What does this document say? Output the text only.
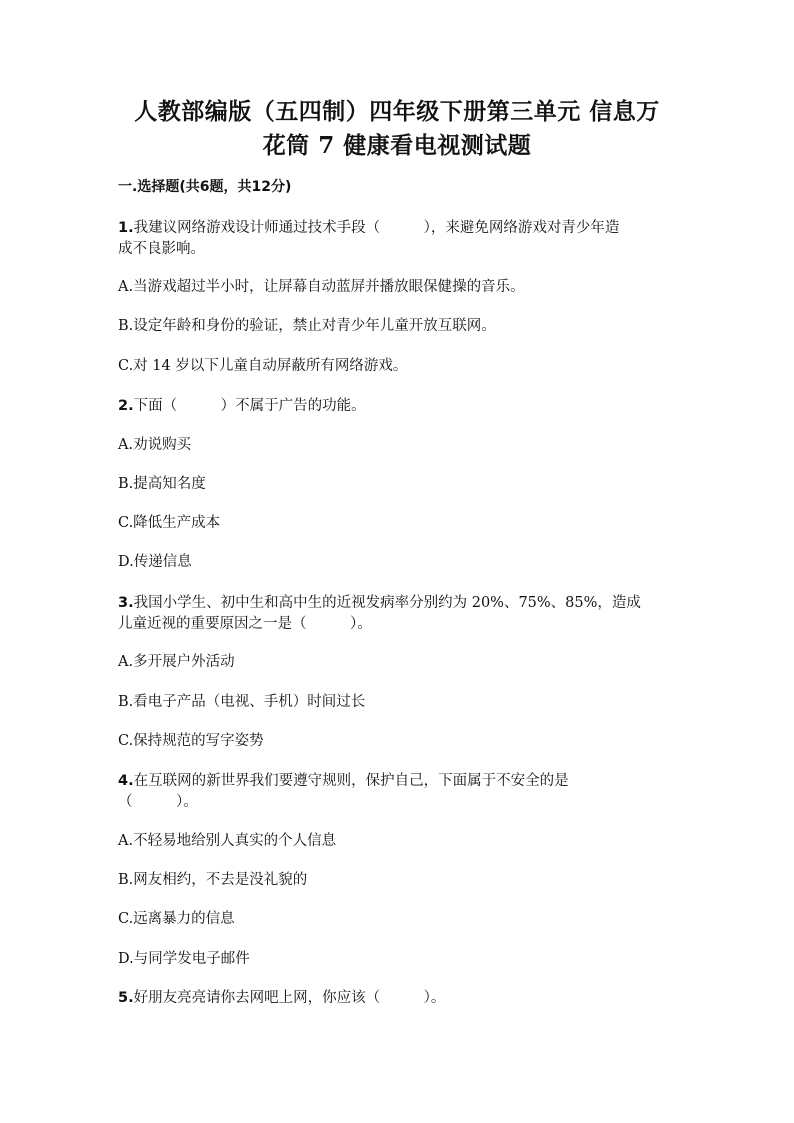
人教部编版（五四制）四年级下册第三单元 信息万
花筒 7 健康看电视测试题
一.选择题(共6题，共12分)
1.我建议网络游戏设计师通过技术手段（　　　），来避免网络游戏对青少年造
成不良影响。
A.当游戏超过半小时，让屏幕自动蓝屏并播放眼保健操的音乐。
B.设定年龄和身份的验证，禁止对青少年儿童开放互联网。
C.对 14 岁以下儿童自动屏蔽所有网络游戏。
2.下面（　　　）不属于广告的功能。
A.劝说购买
B.提高知名度
C.降低生产成本
D.传递信息
3.我国小学生、初中生和高中生的近视发病率分别约为 20%、75%、85%，造成
儿童近视的重要原因之一是（　　　）。
A.多开展户外活动
B.看电子产品（电视、手机）时间过长
C.保持规范的写字姿势
4.在互联网的新世界我们要遵守规则，保护自己，下面属于不安全的是
（　　　）。
A.不轻易地给别人真实的个人信息
B.网友相约，不去是没礼貌的
C.远离暴力的信息
D.与同学发电子邮件
5.好朋友亮亮请你去网吧上网，你应该（　　　）。
